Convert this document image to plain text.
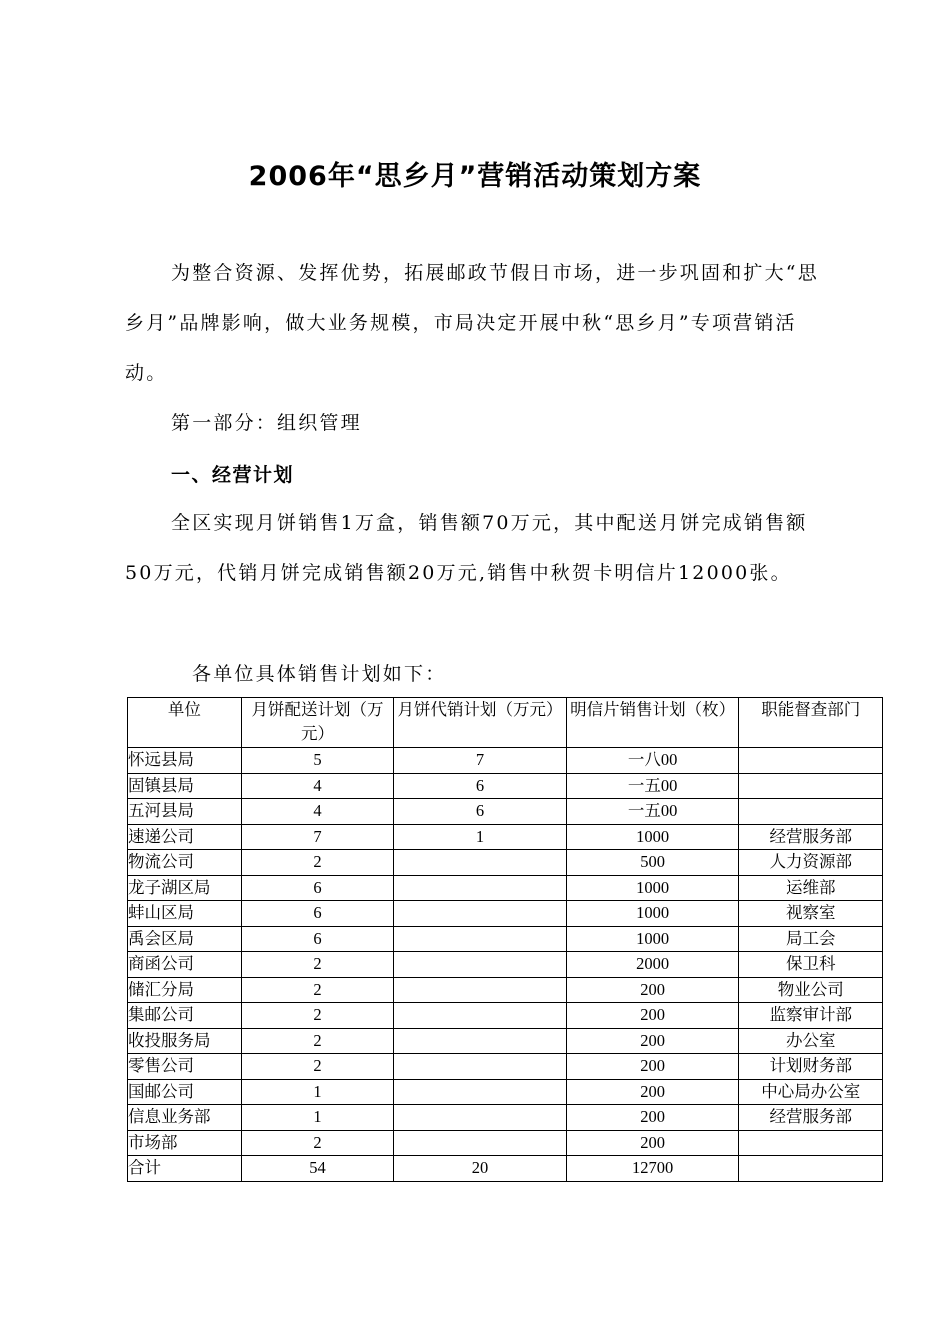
2006年“思乡月”营销活动策划方案
为整合资源、发挥优势，拓展邮政节假日市场，进一步巩固和扩大“思乡月”品牌影响，做大业务规模，市局决定开展中秋“思乡月”专项营销活动。
第一部分：组织管理
一、经营计划
全区实现月饼销售1万盒，销售额70万元，其中配送月饼完成销售额50万元，代销月饼完成销售额20万元,销售中秋贺卡明信片12000张。
各单位具体销售计划如下：
单位	月饼配送计划（万元）	月饼代销计划（万元）	明信片销售计划（枚）	职能督查部门
怀远县局	5	7	一八00	
固镇县局	4	6	一五00	
五河县局	4	6	一五00	
速递公司	7	1	1000	经营服务部
物流公司	2		500	人力资源部
龙子湖区局	6		1000	运维部
蚌山区局	6		1000	视察室
禹会区局	6		1000	局工会
商函公司	2		2000	保卫科
储汇分局	2		200	物业公司
集邮公司	2		200	监察审计部
收投服务局	2		200	办公室
零售公司	2		200	计划财务部
国邮公司	1		200	中心局办公室
信息业务部	1		200	经营服务部
市场部	2		200	
合计	54	20	12700	
